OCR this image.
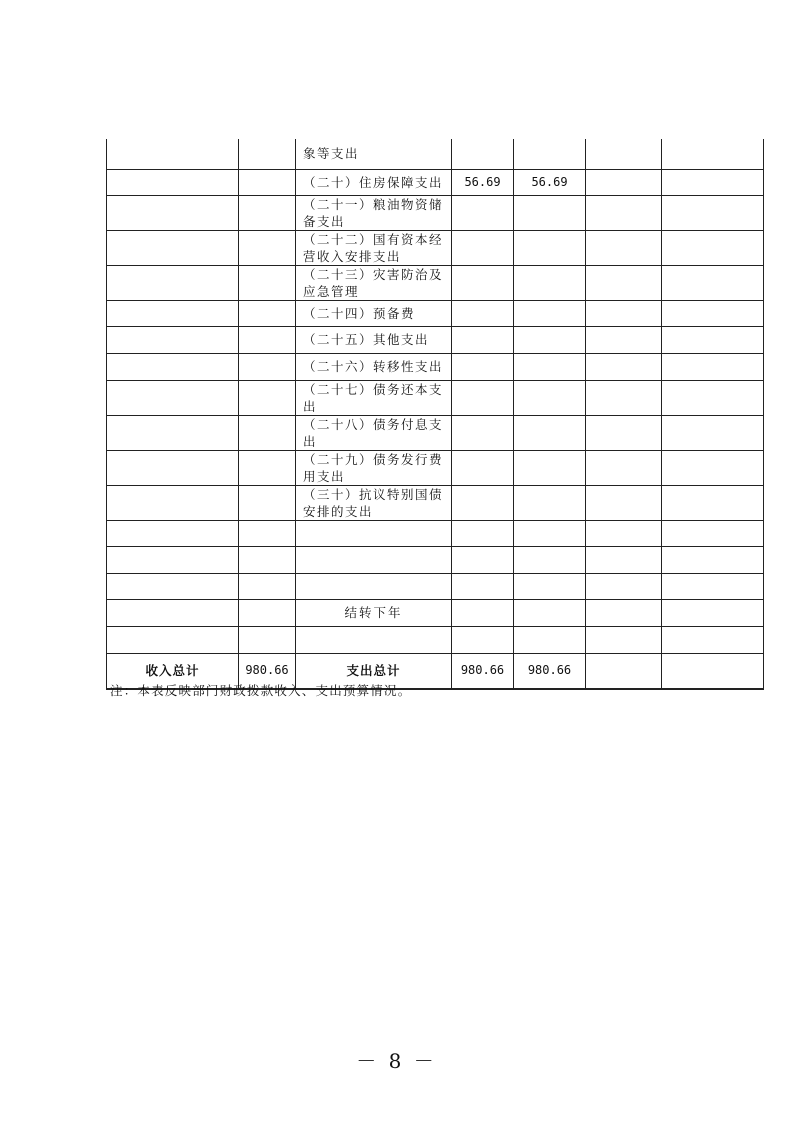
		象等支出				
		（二十）住房保障支出	56.69	56.69		
		（二十一）粮油物资储备支出				
		（二十二）国有资本经营收入安排支出				
		（二十三）灾害防治及应急管理				
		（二十四）预备费				
		（二十五）其他支出				
		（二十六）转移性支出				
		（二十七）债务还本支出				
		（二十八）债务付息支出				
		（二十九）债务发行费用支出				
		（三十）抗议特别国债安排的支出				

		结转下年				

收入总计	980.66	支出总计	980.66	980.66		
注：本表反映部门财政拨款收入、支出预算情况。
－ 8 －
